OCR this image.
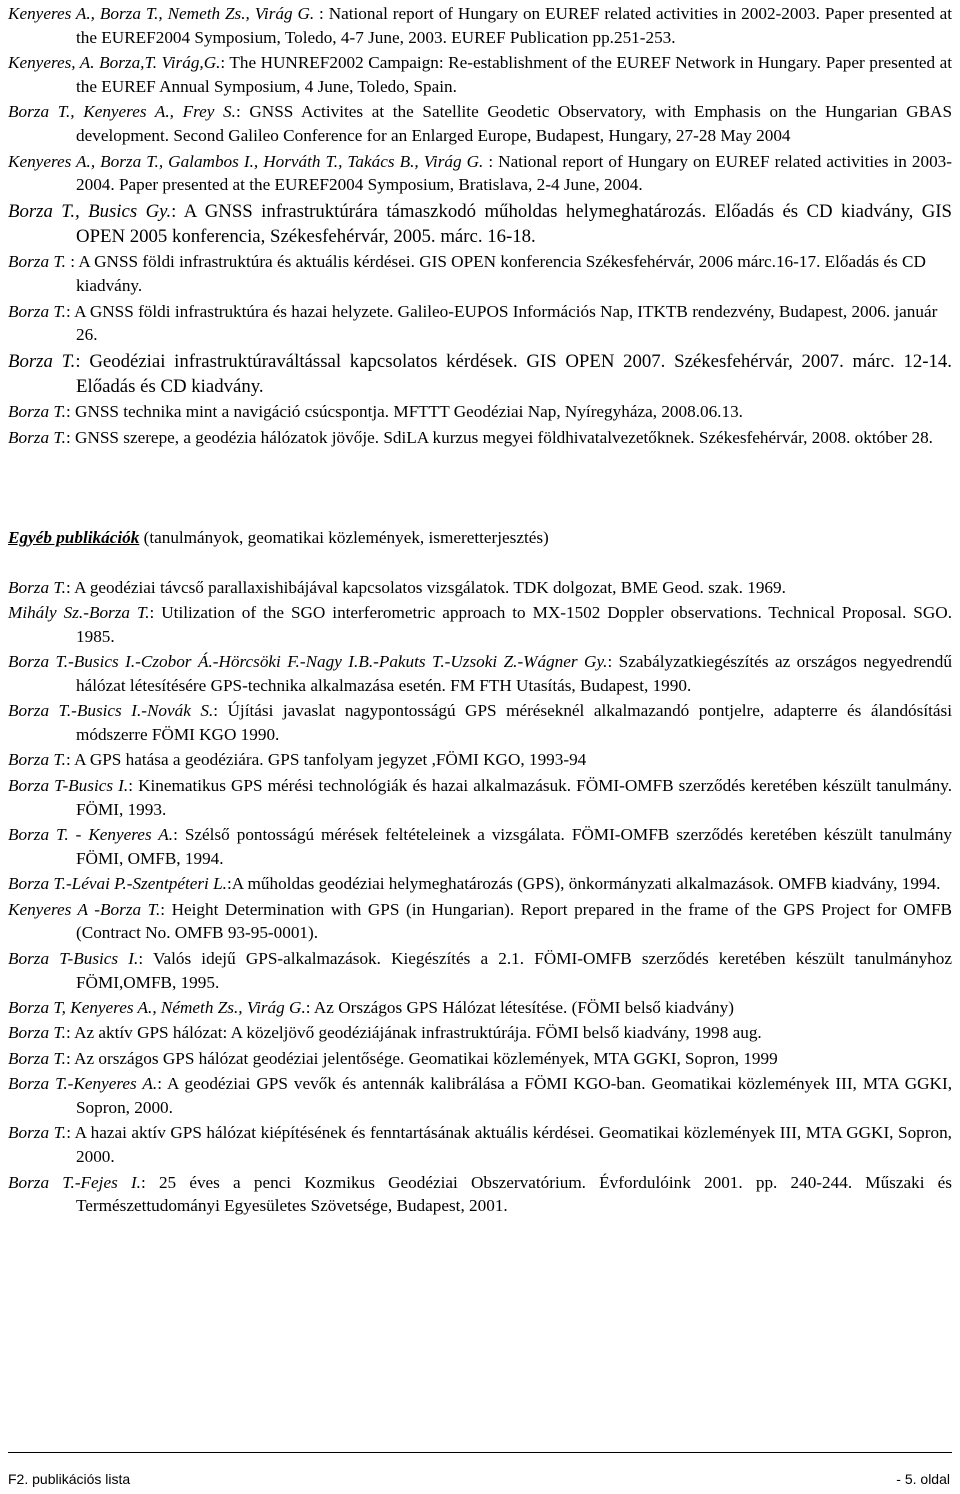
Kenyeres A., Borza T., Nemeth Zs., Virág G. : National report of Hungary on EUREF related activities in 2002-2003. Paper presented at the EUREF2004 Symposium, Toledo, 4-7 June, 2003. EUREF Publication pp.251-253.
Kenyeres, A. Borza,T. Virág,G.: The HUNREF2002 Campaign: Re-establishment of the EUREF Network in Hungary. Paper presented at the EUREF Annual Symposium, 4 June, Toledo, Spain.
Borza T., Kenyeres A., Frey S.: GNSS Activites at the Satellite Geodetic Observatory, with Emphasis on the Hungarian GBAS development. Second Galileo Conference for an Enlarged Europe, Budapest, Hungary, 27-28 May 2004
Kenyeres A., Borza T., Galambos I., Horváth T., Takács B., Virág G. : National report of Hungary on EUREF related activities in 2003-2004. Paper presented at the EUREF2004 Symposium, Bratislava, 2-4 June, 2004.
Borza T., Busics Gy.: A GNSS infrastruktúrára támaszkodó műholdas helymeghatározás. Előadás és CD kiadvány, GIS OPEN 2005 konferencia, Székesfehérvár, 2005. márc. 16-18.
Borza T. : A GNSS földi infrastruktúra és aktuális kérdései. GIS OPEN konferencia Székesfehérvár, 2006 márc.16-17. Előadás és CD kiadvány.
Borza T.: A GNSS földi infrastruktúra és hazai helyzete. Galileo-EUPOS Információs Nap, ITKTB rendezvény, Budapest, 2006. január 26.
Borza T.: Geodéziai infrastruktúraváltással kapcsolatos kérdések. GIS OPEN 2007. Székesfehérvár, 2007. márc. 12-14. Előadás és CD kiadvány.
Borza T.: GNSS technika mint a navigáció csúcspontja. MFTTT Geodéziai Nap, Nyíregyháza, 2008.06.13.
Borza T.: GNSS szerepe, a geodézia hálózatok jövője. SdiLA kurzus megyei földhivatalvezetőknek. Székesfehérvár, 2008. október 28.
Egyéb publikációk (tanulmányok, geomatikai közlemények, ismeretterjesztés)
Borza T.: A geodéziai távcső parallaxishibájával kapcsolatos vizsgálatok. TDK dolgozat, BME Geod. szak. 1969.
Mihály Sz.-Borza T.: Utilization of the SGO interferometric approach to MX-1502 Doppler observations. Technical Proposal. SGO. 1985.
Borza T.-Busics I.-Czobor Á.-Hörcsöki F.-Nagy I.B.-Pakuts T.-Uzsoki Z.-Wágner Gy.: Szabályzatkiegészítés az országos negyedrendű hálózat létesítésére GPS-technika alkalmazása esetén. FM FTH Utasítás, Budapest, 1990.
Borza T.-Busics I.-Novák S.: Újítási javaslat nagypontosságú GPS méréseknél alkalmazandó pontjelre, adapterre és álandósítási módszerre FÖMI KGO 1990.
Borza T.: A GPS hatása a geodéziára. GPS tanfolyam jegyzet ,FÖMI KGO, 1993-94
Borza T-Busics I.: Kinematikus GPS mérési technológiák és hazai alkalmazásuk. FÖMI-OMFB szerződés keretében készült tanulmány. FÖMI, 1993.
Borza T. - Kenyeres A.: Szélső pontosságú mérések feltételeinek a vizsgálata. FÖMI-OMFB szerződés keretében készült tanulmány FÖMI, OMFB, 1994.
Borza T.-Lévai P.-Szentpéteri L.:A műholdas geodéziai helymeghatározás (GPS), önkormányzati alkalmazások. OMFB kiadvány, 1994.
Kenyeres A -Borza T.: Height Determination with GPS (in Hungarian). Report prepared in the frame of the GPS Project for OMFB (Contract No. OMFB 93-95-0001).
Borza T-Busics I.: Valós idejű GPS-alkalmazások. Kiegészítés a 2.1. FÖMI-OMFB szerződés keretében készült tanulmányhoz FÖMI,OMFB, 1995.
Borza T, Kenyeres A., Németh Zs., Virág G.: Az Országos GPS Hálózat létesítése. (FÖMI belső kiadvány)
Borza T.: Az aktív GPS hálózat: A közeljövő geodéziájának infrastruktúrája. FÖMI belső kiadvány, 1998 aug.
Borza T.: Az országos GPS hálózat geodéziai jelentősége. Geomatikai közlemények, MTA GGKI, Sopron, 1999
Borza T.-Kenyeres A.: A geodéziai GPS vevők és antennák kalibrálása a FÖMI KGO-ban. Geomatikai közlemények III, MTA GGKI, Sopron, 2000.
Borza T.: A hazai aktív GPS hálózat kiépítésének és fenntartásának aktuális kérdései. Geomatikai közlemények III, MTA GGKI, Sopron, 2000.
Borza T.-Fejes I.: 25 éves a penci Kozmikus Geodéziai Obszervatórium. Évfordulóink 2001. pp. 240-244. Műszaki és Természettudományi Egyesületes Szövetsége, Budapest, 2001.
F2. publikációs lista	- 5. oldal
